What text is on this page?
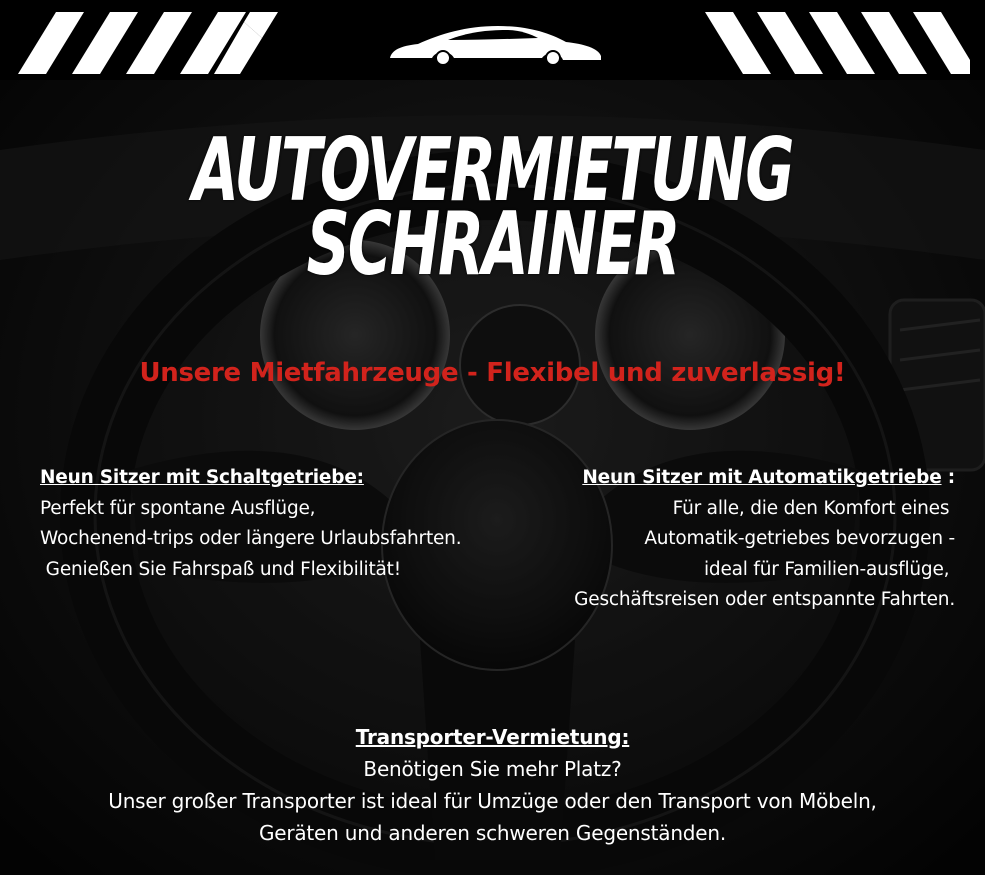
AUTOVERMIETUNG
SCHRAINER
Unsere Mietfahrzeuge - Flexibel und zuverlassig!
Neun Sitzer mit Schaltgetriebe:
Perfekt für spontane Ausflüge,
Wochenend-trips oder längere Urlaubsfahrten.
Genießen Sie Fahrspaß und Flexibilität!
Neun Sitzer mit Automatikgetriebe :
Für alle, die den Komfort eines
Automatik-getriebes bevorzugen -
ideal für Familien-ausflüge,
Geschäftsreisen oder entspannte Fahrten.
Transporter-Vermietung:
Benötigen Sie mehr Platz?
Unser großer Transporter ist ideal für Umzüge oder den Transport von Möbeln,
Geräten und anderen schweren Gegenständen.
